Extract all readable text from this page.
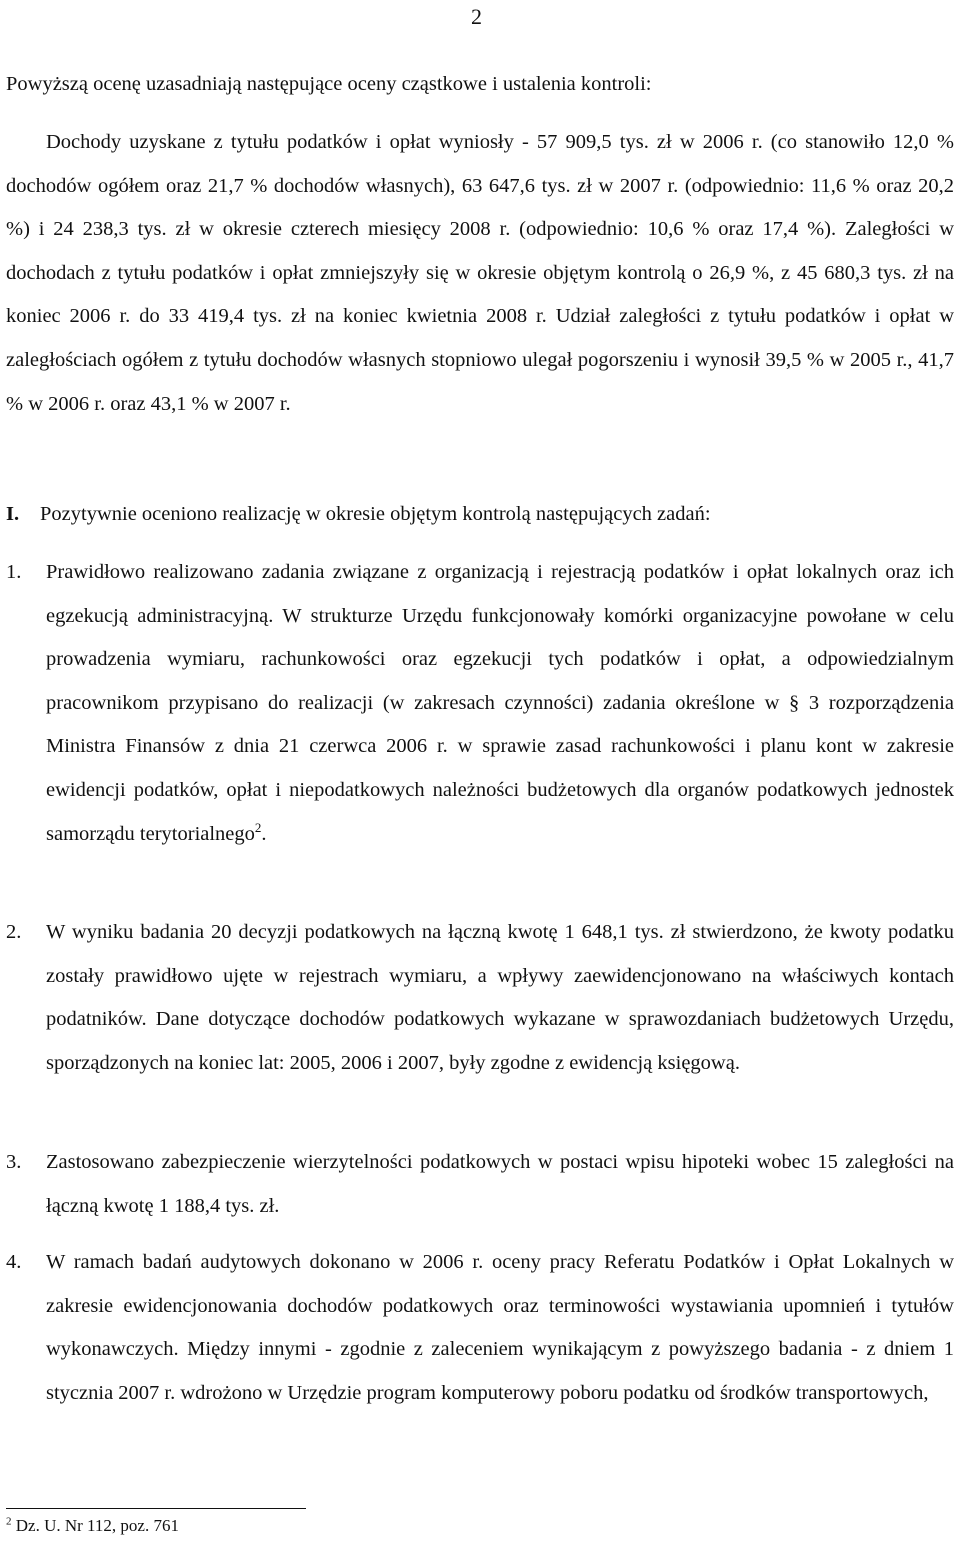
2

Powyższą ocenę uzasadniają następujące oceny cząstkowe i ustalenia kontroli:

Dochody uzyskane z tytułu podatków i opłat wyniosły - 57 909,5 tys. zł w 2006 r. (co stanowiło 12,0 % dochodów ogółem oraz 21,7 % dochodów własnych), 63 647,6 tys. zł w 2007 r. (odpowiednio: 11,6 % oraz 20,2 %) i 24 238,3 tys. zł w okresie czterech miesięcy 2008 r. (odpowiednio: 10,6 % oraz 17,4 %). Zaległości w dochodach z tytułu podatków i opłat zmniejszyły się w okresie objętym kontrolą o 26,9 %, z 45 680,3 tys. zł na koniec 2006 r. do 33 419,4 tys. zł na koniec kwietnia 2008 r. Udział zaległości z tytułu podatków i opłat w zaległościach ogółem z tytułu dochodów własnych stopniowo ulegał pogorszeniu i wynosił 39,5 % w 2005 r., 41,7 % w 2006 r. oraz 43,1 % w 2007 r.

I. Pozytywnie oceniono realizację w okresie objętym kontrolą następujących zadań:
1. Prawidłowo realizowano zadania związane z organizacją i rejestracją podatków i opłat lokalnych oraz ich egzekucją administracyjną. W strukturze Urzędu funkcjonowały komórki organizacyjne powołane w celu prowadzenia wymiaru, rachunkowości oraz egzekucji tych podatków i opłat, a odpowiedzialnym pracownikom przypisano do realizacji (w zakresach czynności) zadania określone w § 3 rozporządzenia Ministra Finansów z dnia 21 czerwca 2006 r. w sprawie zasad rachunkowości i planu kont w zakresie ewidencji podatków, opłat i niepodatkowych należności budżetowych dla organów podatkowych jednostek samorządu terytorialnego$^2$.
2. W wyniku badania 20 decyzji podatkowych na łączną kwotę 1 648,1 tys. zł stwierdzono, że kwoty podatku zostały prawidłowo ujęte w rejestrach wymiaru, a wpływy zaewidencjonowano na właściwych kontach podatników. Dane dotyczące dochodów podatkowych wykazane w sprawozdaniach budżetowych Urzędu, sporządzonych na koniec lat: 2005, 2006 i 2007, były zgodne z ewidencją księgową.
3. Zastosowano zabezpieczenie wierzytelności podatkowych w postaci wpisu hipoteki wobec 15 zaległości na łączną kwotę 1 188,4 tys. zł.
4. W ramach badań audytowych dokonano w 2006 r. oceny pracy Referatu Podatków i Opłat Lokalnych w zakresie ewidencjonowania dochodów podatkowych oraz terminowości wystawiania upomnień i tytułów wykonawczych. Między innymi - zgodnie z zaleceniem wynikającym z powyższego badania - z dniem 1 stycznia 2007 r. wdrożono w Urzędzie program komputerowy poboru podatku od środków transportowych,
$^2$ Dz. U. Nr 112, poz. 761
